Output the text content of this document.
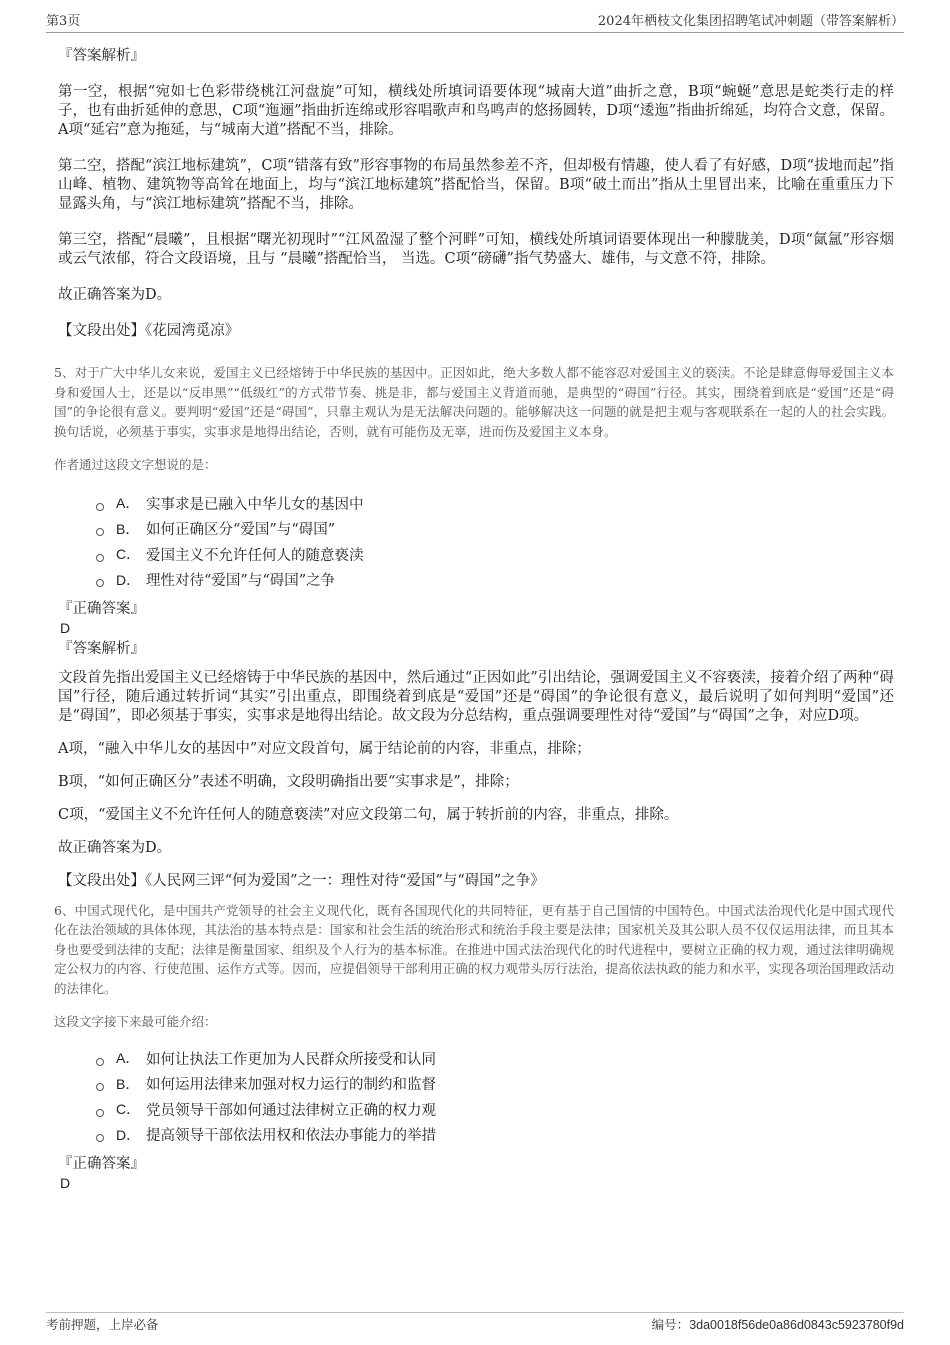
第3页	2024年栖枝文化集团招聘笔试冲刺题（带答案解析）

『答案解析』

第一空，根据“宛如七色彩带绕桃江河盘旋”可知，横线处所填词语要体现“城南大道”曲折之意，B项“蜿蜒”意思是蛇类行走的样子，也有曲折延伸的意思，C项“迤逦”指曲折连绵或形容唱歌声和鸟鸣声的悠扬圆转，D项“逶迤”指曲折绵延，均符合文意，保留。A项“延宕”意为拖延，与“城南大道”搭配不当，排除。

第二空，搭配“滨江地标建筑”，C项“错落有致”形容事物的布局虽然参差不齐，但却极有情趣，使人看了有好感，D项“拔地而起”指山峰、植物、建筑物等高耸在地面上，均与“滨江地标建筑”搭配恰当，保留。B项“破土而出”指从土里冒出来，比喻在重重压力下显露头角，与“滨江地标建筑”搭配不当，排除。

第三空，搭配“晨曦”，且根据“曙光初现时”“江风盈湿了整个河畔”可知，横线处所填词语要体现出一种朦胧美，D项“氤氲”形容烟或云气浓郁，符合文段语境，且与 “晨曦”搭配恰当， 当选。C项“磅礴”指气势盛大、雄伟，与文意不符，排除。

故正确答案为D。

【文段出处】《花园湾觅凉》

5、对于广大中华儿女来说，爱国主义已经熔铸于中华民族的基因中。正因如此，绝大多数人都不能容忍对爱国主义的亵渎。不论是肆意侮辱爱国主义本身和爱国人士，还是以“反串黑”“低级红”的方式带节奏、挑是非，都与爱国主义背道而驰，是典型的“碍国”行径。其实，围绕着到底是“爱国”还是“碍国”的争论很有意义。要判明“爱国”还是“碍国”，只靠主观认为是无法解决问题的。能够解决这一问题的就是把主观与客观联系在一起的人的社会实践。换句话说，必须基于事实，实事求是地得出结论，否则，就有可能伤及无辜，进而伤及爱国主义本身。

作者通过这段文字想说的是：

A． 实事求是已融入中华儿女的基因中
B． 如何正确区分“爱国”与“碍国”
C． 爱国主义不允许任何人的随意亵渎
D． 理性对待“爱国”与“碍国”之争

『正确答案』

D

『答案解析』

文段首先指出爱国主义已经熔铸于中华民族的基因中，然后通过“正因如此”引出结论，强调爱国主义不容亵渎，接着介绍了两种“碍国”行径，随后通过转折词“其实”引出重点，即围绕着到底是“爱国”还是“碍国”的争论很有意义，最后说明了如何判明“爱国”还是“碍国”，即必须基于事实，实事求是地得出结论。故文段为分总结构，重点强调要理性对待“爱国”与“碍国”之争，对应D项。

A项，“融入中华儿女的基因中”对应文段首句，属于结论前的内容，非重点，排除；

B项，“如何正确区分”表述不明确，文段明确指出要“实事求是”，排除；

C项，“爱国主义不允许任何人的随意亵渎”对应文段第二句，属于转折前的内容，非重点，排除。

故正确答案为D。

【文段出处】《人民网三评“何为爱国”之一：理性对待“爱国”与“碍国”之争》

6、中国式现代化，是中国共产党领导的社会主义现代化，既有各国现代化的共同特征，更有基于自己国情的中国特色。中国式法治现代化是中国式现代化在法治领域的具体体现，其法治的基本特点是：国家和社会生活的统治形式和统治手段主要是法律；国家机关及其公职人员不仅仅运用法律，而且其本身也要受到法律的支配；法律是衡量国家、组织及个人行为的基本标准。在推进中国式法治现代化的时代进程中，要树立正确的权力观，通过法律明确规定公权力的内容、行使范围、运作方式等。因而，应提倡领导干部利用正确的权力观带头厉行法治，提高依法执政的能力和水平，实现各项治国理政活动的法律化。

这段文字接下来最可能介绍：

A． 如何让执法工作更加为人民群众所接受和认同
B． 如何运用法律来加强对权力运行的制约和监督
C． 党员领导干部如何通过法律树立正确的权力观
D． 提高领导干部依法用权和依法办事能力的举措

『正确答案』

D

考前押题，上岸必备	编号：3da0018f56de0a86d0843c5923780f9d
